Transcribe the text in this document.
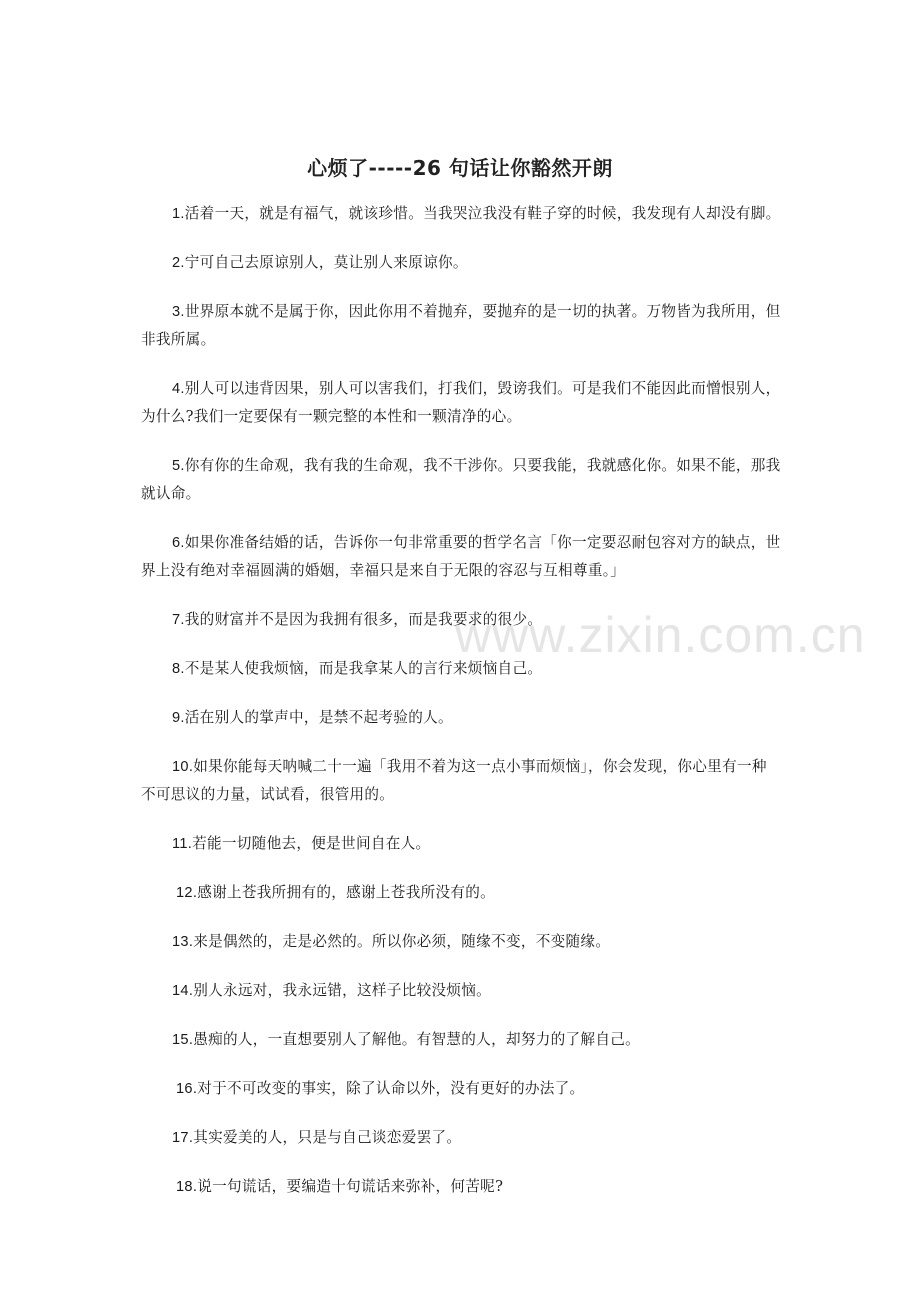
心烦了-----26 句话让你豁然开朗

1.活着一天，就是有福气，就该珍惜。当我哭泣我没有鞋子穿的时候，我发现有人却没有脚。

2.宁可自己去原谅别人，莫让别人来原谅你。

3.世界原本就不是属于你，因此你用不着抛弃，要抛弃的是一切的执著。万物皆为我所用，但非我所属。

4.别人可以违背因果，别人可以害我们，打我们，毁谤我们。可是我们不能因此而憎恨别人，为什么?我们一定要保有一颗完整的本性和一颗清净的心。

5.你有你的生命观，我有我的生命观，我不干涉你。只要我能，我就感化你。如果不能，那我就认命。

6.如果你准备结婚的话，告诉你一句非常重要的哲学名言「你一定要忍耐包容对方的缺点，世界上没有绝对幸福圆满的婚姻，幸福只是来自于无限的容忍与互相尊重。」

7.我的财富并不是因为我拥有很多，而是我要求的很少。

8.不是某人使我烦恼，而是我拿某人的言行来烦恼自己。

9.活在别人的掌声中，是禁不起考验的人。

10.如果你能每天呐喊二十一遍「我用不着为这一点小事而烦恼」，你会发现，你心里有一种不可思议的力量，试试看，很管用的。

11.若能一切随他去，便是世间自在人。

12.感谢上苍我所拥有的，感谢上苍我所没有的。

13.来是偶然的，走是必然的。所以你必须，随缘不变，不变随缘。

14.别人永远对，我永远错，这样子比较没烦恼。

15.愚痴的人，一直想要别人了解他。有智慧的人，却努力的了解自己。

16.对于不可改变的事实，除了认命以外，没有更好的办法了。

17.其实爱美的人，只是与自己谈恋爱罢了。

18.说一句谎话，要编造十句谎话来弥补，何苦呢?

www.zixin.com.cn
